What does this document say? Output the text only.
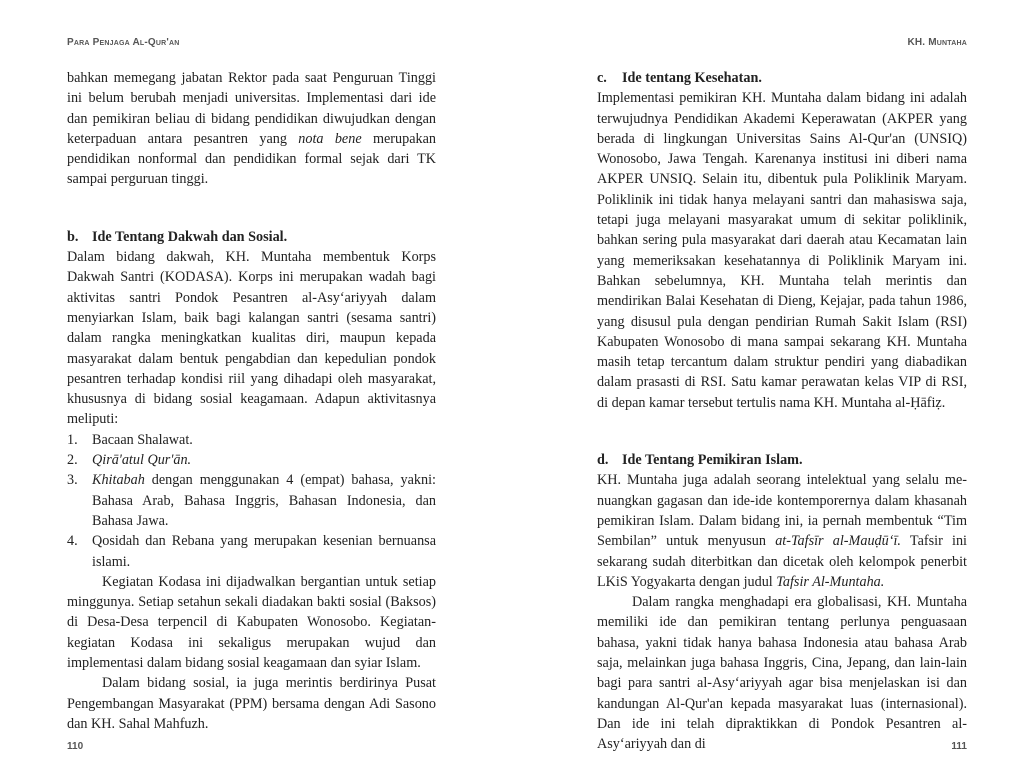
Para Penjaga Al-Qur'an

bahkan memegang jabatan Rektor pada saat Penguruan Tinggi ini belum berubah menjadi universitas. Implementasi dari ide dan pemikiran beliau di bidang pendidikan diwujudkan dengan keterpaduan antara pesantren yang nota bene merupakan pendidikan nonformal dan pendidikan formal sejak dari TK sampai perguruan tinggi.

b. Ide Tentang Dakwah dan Sosial.

Dalam bidang dakwah, KH. Muntaha membentuk Korps Dakwah Santri (KODASA). Korps ini merupakan wadah bagi aktivitas santri Pondok Pesantren al-Asy‘ariyyah dalam menyiarkan Islam, baik bagi kalangan santri (sesama santri) dalam rangka meningkatkan kualitas diri, maupun kepada masyarakat dalam bentuk pengabdian dan kepedulian pondok pesantren terhadap kondisi riil yang dihadapi oleh masyarakat, khususnya di bidang sosial keagamaan. Adapun aktivitasnya meliputi:

1.	Bacaan Shalawat.
2.	Qirā'atul Qur'ān.
3.	Khitabah dengan menggunakan 4 (empat) bahasa, yakni: Bahasa Arab, Bahasa Inggris, Bahasan Indonesia, dan Bahasa Jawa.
4.	Qosidah dan Rebana yang merupakan kesenian bernuansa islami.

Kegiatan Kodasa ini dijadwalkan bergantian untuk setiap minggunya. Setiap setahun sekali diadakan bakti sosial (Baksos) di Desa-Desa terpencil di Kabupaten Wonosobo. Kegiatan-kegiatan Kodasa ini sekaligus merupakan wujud dan implementasi dalam bidang sosial keagamaan dan syiar Islam.

Dalam bidang sosial, ia juga merintis berdirinya Pusat Pengembangan Masyarakat (PPM) bersama dengan Adi Sasono dan KH. Sahal Mahfuzh.

110
KH. Muntaha

c. Ide tentang Kesehatan.

Implementasi pemikiran KH. Muntaha dalam bidang ini adalah terwujudnya Pendidikan Akademi Keperawatan (AKPER yang berada di lingkungan Universitas Sains Al-Qur'an (UNSIQ) Wonosobo, Jawa Tengah. Karenanya institusi ini diberi nama AKPER UNSIQ. Selain itu, dibentuk pula Poliklinik Maryam. Poliklinik ini tidak hanya melayani santri dan mahasiswa saja, tetapi juga melayani masyarakat umum di sekitar poliklinik, bahkan sering pula masyarakat dari daerah atau Kecamatan lain yang memeriksakan kesehatannya di Poliklinik Maryam ini. Bahkan sebelumnya, KH. Muntaha telah merintis dan mendirikan Balai Kesehatan di Dieng, Kejajar, pada tahun 1986, yang disusul pula dengan pendirian Rumah Sakit Islam (RSI) Kabupaten Wonosobo di mana sampai sekarang KH. Muntaha masih tetap tercantum dalam struktur pendiri yang diabadikan dalam prasasti di RSI. Satu kamar perawatan kelas VIP di RSI, di depan kamar tersebut tertulis nama KH. Muntaha al-Ḥāfiẓ.

d. Ide Tentang Pemikiran Islam.

KH. Muntaha juga adalah seorang intelektual yang selalu me-nuangkan gagasan dan ide-ide kontemporernya dalam khasanah pemikiran Islam. Dalam bidang ini, ia pernah membentuk “Tim Sembilan” untuk menyusun at-Tafsīr al-Mauḍū‘ī. Tafsir ini sekarang sudah diterbitkan dan dicetak oleh kelompok penerbit LKiS Yogyakarta dengan judul Tafsir Al-Muntaha.

Dalam rangka menghadapi era globalisasi, KH. Muntaha memiliki ide dan pemikiran tentang perlunya penguasaan bahasa, yakni tidak hanya bahasa Indonesia atau bahasa Arab saja, melainkan juga bahasa Inggris, Cina, Jepang, dan lain-lain bagi para santri al-Asy‘ariyyah agar bisa menjelaskan isi dan kandungan Al-Qur'an kepada masyarakat luas (internasional). Dan ide ini telah dipraktikkan di Pondok Pesantren al-Asy‘ariyyah dan di	111
